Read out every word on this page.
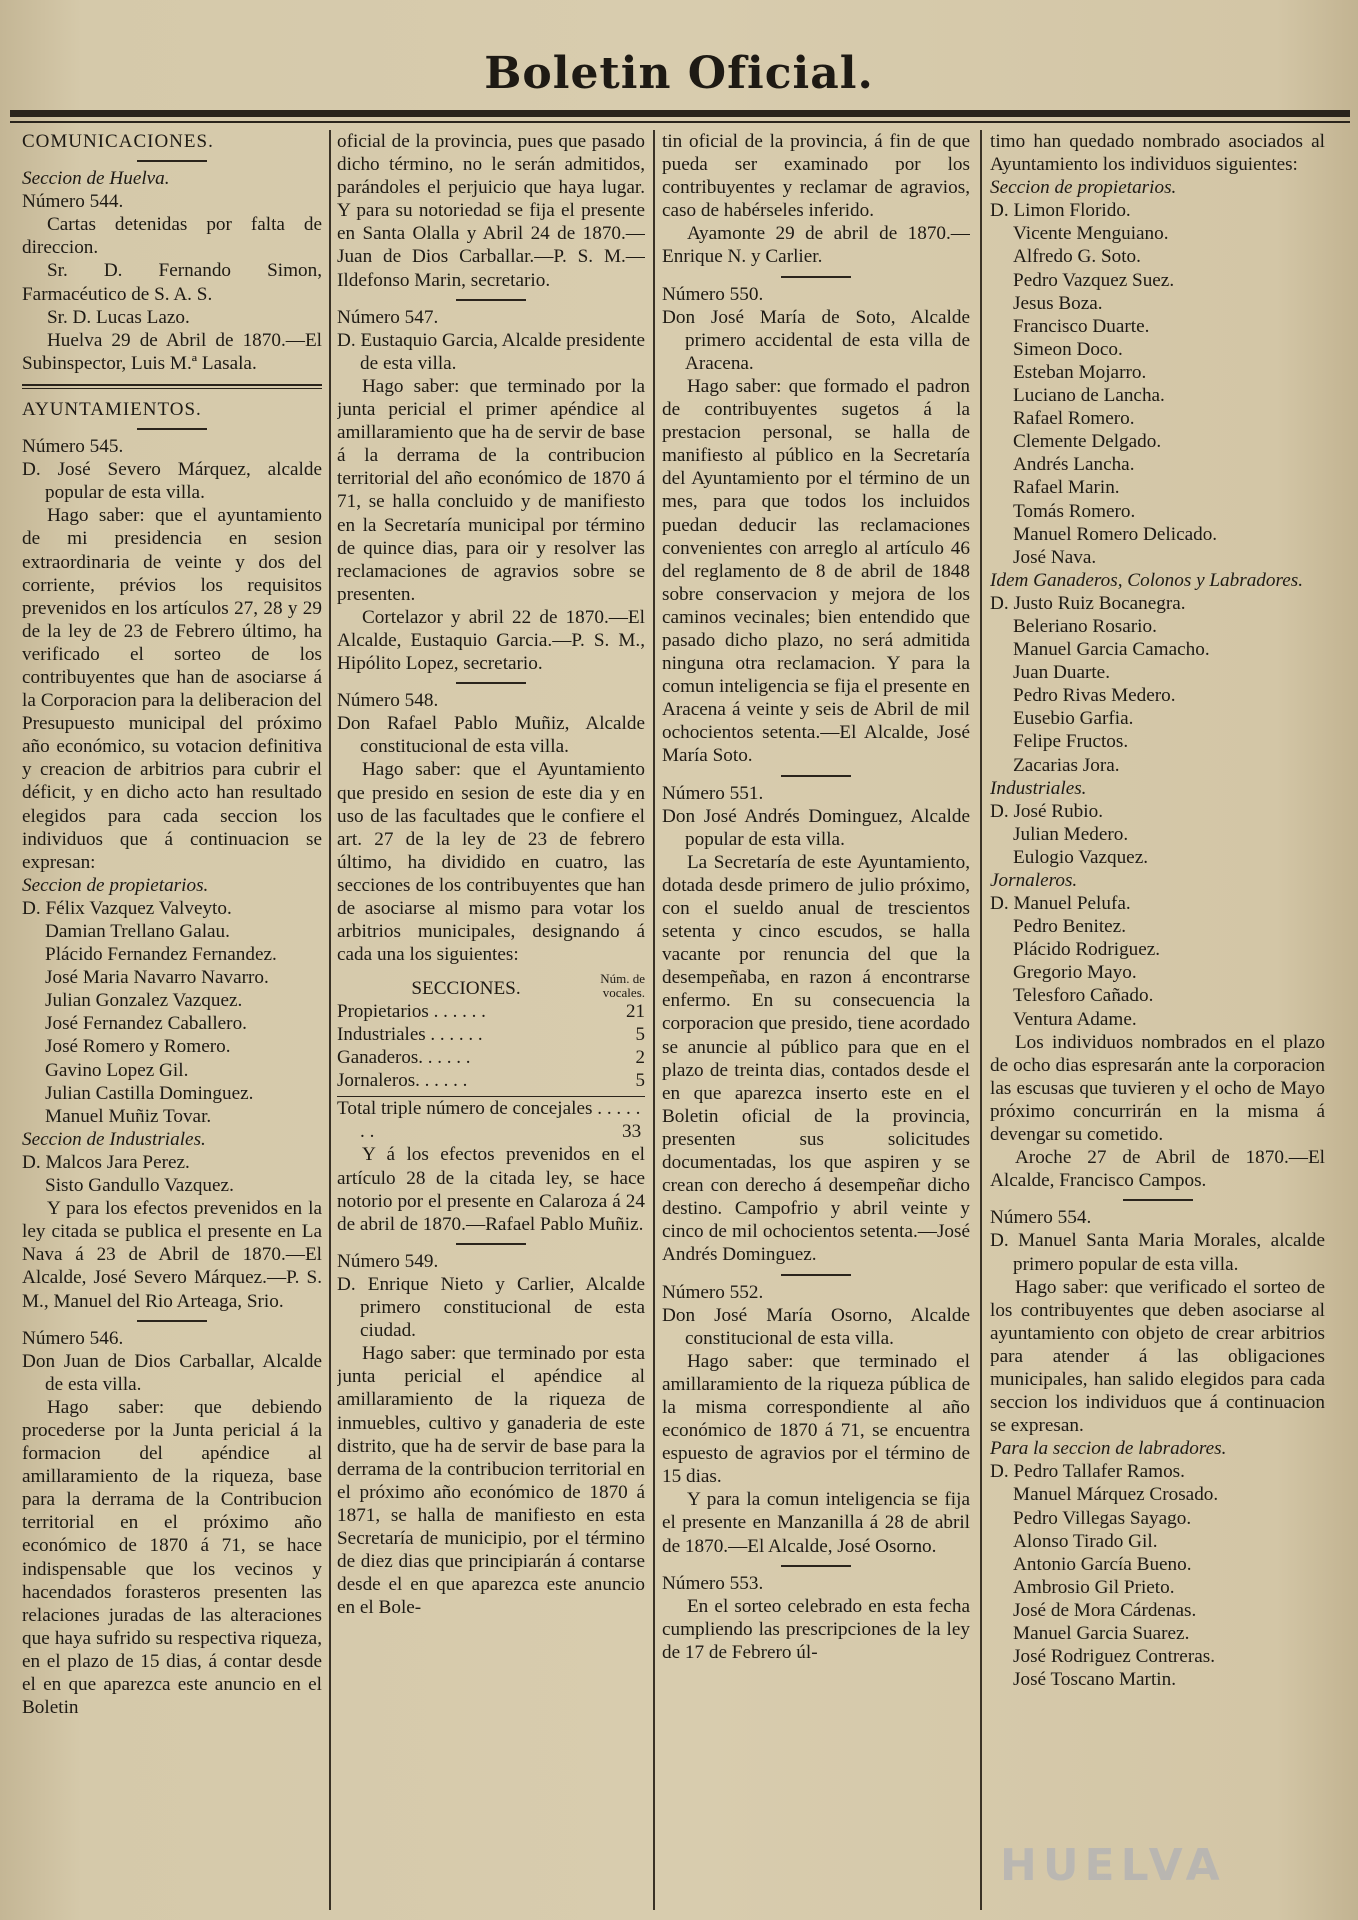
Boletin Oficial.

COMUNICACIONES.

Seccion de Huelva.

Número 544.

Cartas detenidas por falta de direccion.

Sr. D. Fernando Simon, Farmacéutico de S. A. S.

Sr. D. Lucas Lazo.

Huelva 29 de Abril de 1870.—El Subinspector, Luis M.ª Lasala.

AYUNTAMIENTOS.

Número 545.

D. José Severo Márquez, alcalde popular de esta villa.

Hago saber: que el ayuntamiento de mi presidencia en sesion extraordinaria de veinte y dos del corriente, prévios los requisitos prevenidos en los artículos 27, 28 y 29 de la ley de 23 de Febrero último, ha verificado el sorteo de los contribuyentes que han de asociarse á la Corporacion para la deliberacion del Presupuesto municipal del próximo año económico, su votacion definitiva y creacion de arbitrios para cubrir el déficit, y en dicho acto han resultado elegidos para cada seccion los individuos que á continuacion se expresan:

Seccion de propietarios.

D. Félix Vazquez Valveyto.
Damian Trellano Galau.
Plácido Fernandez Fernandez.
José Maria Navarro Navarro.
Julian Gonzalez Vazquez.
José Fernandez Caballero.
José Romero y Romero.
Gavino Lopez Gil.
Julian Castilla Dominguez.
Manuel Muñiz Tovar.

Seccion de Industriales.

D. Malcos Jara Perez.
Sisto Gandullo Vazquez.

Y para los efectos prevenidos en la ley citada se publica el presente en La Nava á 23 de Abril de 1870.—El Alcalde, José Severo Márquez.—P. S. M., Manuel del Rio Arteaga, Srio.

Número 546.

Don Juan de Dios Carballar, Alcalde de esta villa.

Hago saber: que debiendo procederse por la Junta pericial á la formacion del apéndice al amillaramiento de la riqueza, base para la derrama de la Contribucion territorial en el próximo año económico de 1870 á 71, se hace indispensable que los vecinos y hacendados forasteros presenten las relaciones juradas de las alteraciones que haya sufrido su respectiva riqueza, en el plazo de 15 dias, á contar desde el en que aparezca este anuncio en el Boletin

oficial de la provincia, pues que pasado dicho término, no le serán admitidos, parándoles el perjuicio que haya lugar. Y para su notoriedad se fija el presente en Santa Olalla y Abril 24 de 1870.—Juan de Dios Carballar.—P. S. M.—Ildefonso Marin, secretario.

Número 547.

D. Eustaquio Garcia, Alcalde presidente de esta villa.

Hago saber: que terminado por la junta pericial el primer apéndice al amillaramiento que ha de servir de base á la derrama de la contribucion territorial del año económico de 1870 á 71, se halla concluido y de manifiesto en la Secretaría municipal por término de quince dias, para oir y resolver las reclamaciones de agravios sobre se presenten.

Cortelazor y abril 22 de 1870.—El Alcalde, Eustaquio Garcia.—P. S. M., Hipólito Lopez, secretario.

Número 548.

Don Rafael Pablo Muñiz, Alcalde constitucional de esta villa.

Hago saber: que el Ayuntamiento que presido en sesion de este dia y en uso de las facultades que le confiere el art. 27 de la ley de 23 de febrero último, ha dividido en cuatro, las secciones de los contribuyentes que han de asociarse al mismo para votar los arbitrios municipales, designando á cada una los siguientes:

SECCIONES.	Núm. de vocales.
Propietarios . . . . . .	21
Industriales . . . . . .	5
Ganaderos. . . . . .	2
Jornaleros. . . . . .	5

Total triple número de concejales . . . . . . .	33

Y á los efectos prevenidos en el artículo 28 de la citada ley, se hace notorio por el presente en Calaroza á 24 de abril de 1870.—Rafael Pablo Muñiz.

Número 549.

D. Enrique Nieto y Carlier, Alcalde primero constitucional de esta ciudad.

Hago saber: que terminado por esta junta pericial el apéndice al amillaramiento de la riqueza de inmuebles, cultivo y ganaderia de este distrito, que ha de servir de base para la derrama de la contribucion territorial en el próximo año económico de 1870 á 1871, se halla de manifiesto en esta Secretaría de municipio, por el término de diez dias que principiarán á contarse desde el en que aparezca este anuncio en el Bole-

tin oficial de la provincia, á fin de que pueda ser examinado por los contribuyentes y reclamar de agravios, caso de habérseles inferido.

Ayamonte 29 de abril de 1870.—Enrique N. y Carlier.

Número 550.

Don José María de Soto, Alcalde primero accidental de esta villa de Aracena.

Hago saber: que formado el padron de contribuyentes sugetos á la prestacion personal, se halla de manifiesto al público en la Secretaría del Ayuntamiento por el término de un mes, para que todos los incluidos puedan deducir las reclamaciones convenientes con arreglo al artículo 46 del reglamento de 8 de abril de 1848 sobre conservacion y mejora de los caminos vecinales; bien entendido que pasado dicho plazo, no será admitida ninguna otra reclamacion. Y para la comun inteligencia se fija el presente en Aracena á veinte y seis de Abril de mil ochocientos setenta.—El Alcalde, José María Soto.

Número 551.

Don José Andrés Dominguez, Alcalde popular de esta villa.

La Secretaría de este Ayuntamiento, dotada desde primero de julio próximo, con el sueldo anual de trescientos setenta y cinco escudos, se halla vacante por renuncia del que la desempeñaba, en razon á encontrarse enfermo. En su consecuencia la corporacion que presido, tiene acordado se anuncie al público para que en el plazo de treinta dias, contados desde el en que aparezca inserto este en el Boletin oficial de la provincia, presenten sus solicitudes documentadas, los que aspiren y se crean con derecho á desempeñar dicho destino. Campofrio y abril veinte y cinco de mil ochocientos setenta.—José Andrés Dominguez.

Número 552.

Don José María Osorno, Alcalde constitucional de esta villa.

Hago saber: que terminado el amillaramiento de la riqueza pública de la misma correspondiente al año económico de 1870 á 71, se encuentra espuesto de agravios por el término de 15 dias.

Y para la comun inteligencia se fija el presente en Manzanilla á 28 de abril de 1870.—El Alcalde, José Osorno.

Número 553.

En el sorteo celebrado en esta fecha cumpliendo las prescripciones de la ley de 17 de Febrero úl-

timo han quedado nombrado asociados al Ayuntamiento los individuos siguientes:

Seccion de propietarios.

D. Limon Florido.
Vicente Menguiano.
Alfredo G. Soto.
Pedro Vazquez Suez.
Jesus Boza.
Francisco Duarte.
Simeon Doco.
Esteban Mojarro.
Luciano de Lancha.
Rafael Romero.
Clemente Delgado.
Andrés Lancha.
Rafael Marin.
Tomás Romero.
Manuel Romero Delicado.
José Nava.

Idem Ganaderos, Colonos y Labradores.

D. Justo Ruiz Bocanegra.
Beleriano Rosario.
Manuel Garcia Camacho.
Juan Duarte.
Pedro Rivas Medero.
Eusebio Garfia.
Felipe Fructos.
Zacarias Jora.

Industriales.

D. José Rubio.
Julian Medero.
Eulogio Vazquez.

Jornaleros.

D. Manuel Pelufa.
Pedro Benitez.
Plácido Rodriguez.
Gregorio Mayo.
Telesforo Cañado.
Ventura Adame.

Los individuos nombrados en el plazo de ocho dias espresarán ante la corporacion las escusas que tuvieren y el ocho de Mayo próximo concurrirán en la misma á devengar su cometido.

Aroche 27 de Abril de 1870.—El Alcalde, Francisco Campos.

Número 554.

D. Manuel Santa Maria Morales, alcalde primero popular de esta villa.

Hago saber: que verificado el sorteo de los contribuyentes que deben asociarse al ayuntamiento con objeto de crear arbitrios para atender á las obligaciones municipales, han salido elegidos para cada seccion los individuos que á continuacion se expresan.

Para la seccion de labradores.

D. Pedro Tallafer Ramos.
Manuel Márquez Crosado.
Pedro Villegas Sayago.
Alonso Tirado Gil.
Antonio García Bueno.
Ambrosio Gil Prieto.
José de Mora Cárdenas.
Manuel Garcia Suarez.
José Rodriguez Contreras.
José Toscano Martin.
HUELVA
